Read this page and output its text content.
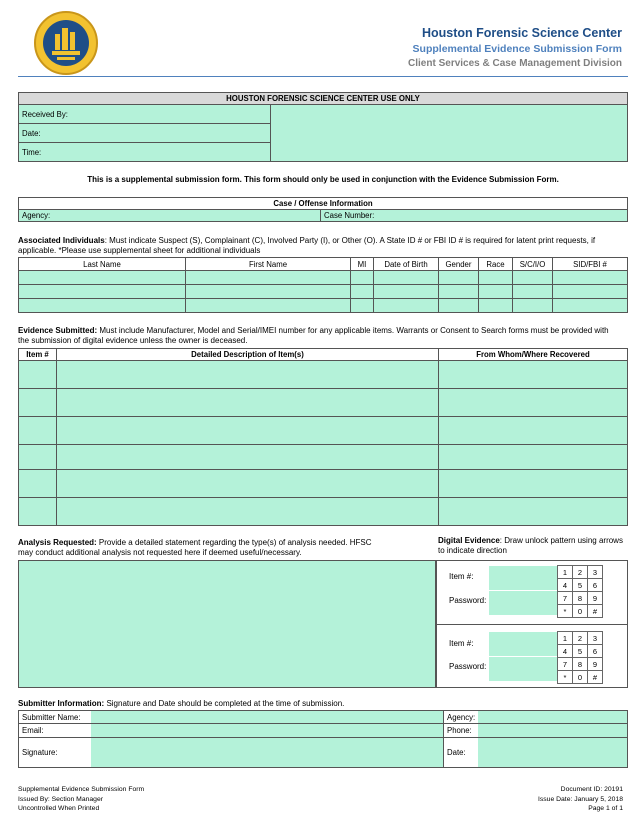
Houston Forensic Science Center
Supplemental Evidence Submission Form
Client Services & Case Management Division
HOUSTON FORENSIC SCIENCE CENTER USE ONLY
Received By:	
Date:
Time:
This is a supplemental submission form. This form should only be used in conjunction with the Evidence Submission Form.
Case / Offense Information
Agency:	Case Number:
Associated Individuals: Must indicate Suspect (S), Complainant (C), Involved Party (I), or Other (O). A State ID # or FBI ID # is required for latent print requests, if applicable. *Please use supplemental sheet for additional individuals
Last Name	First Name	MI	Date of Birth	Gender	Race	S/C/I/O	SID/FBI #

Evidence Submitted: Must include Manufacturer, Model and Serial/IMEI number for any applicable items. Warrants or Consent to Search forms must be provided with the submission of digital evidence unless the owner is deceased.
Item #	Detailed Description of Item(s)	From Whom/Where Recovered

Analysis Requested: Provide a detailed statement regarding the type(s) of analysis needed. HFSC may conduct additional analysis not requested here if deemed useful/necessary.
Digital Evidence: Draw unlock pattern using arrows to indicate direction
Item #:
Password:
1	2	3
4	5	6
7	8	9
*	0	#
Item #:
Password:
1	2	3
4	5	6
7	8	9
*	0	#
Submitter Information: Signature and Date should be completed at the time of submission.
Submitter Name:		Agency:	
Email:		Phone:	
Signature:		Date:	
Supplemental Evidence Submission Form
Issued By: Section Manager
Uncontrolled When Printed
Document ID: 20191
Issue Date: January 5, 2018
Page 1 of 1
